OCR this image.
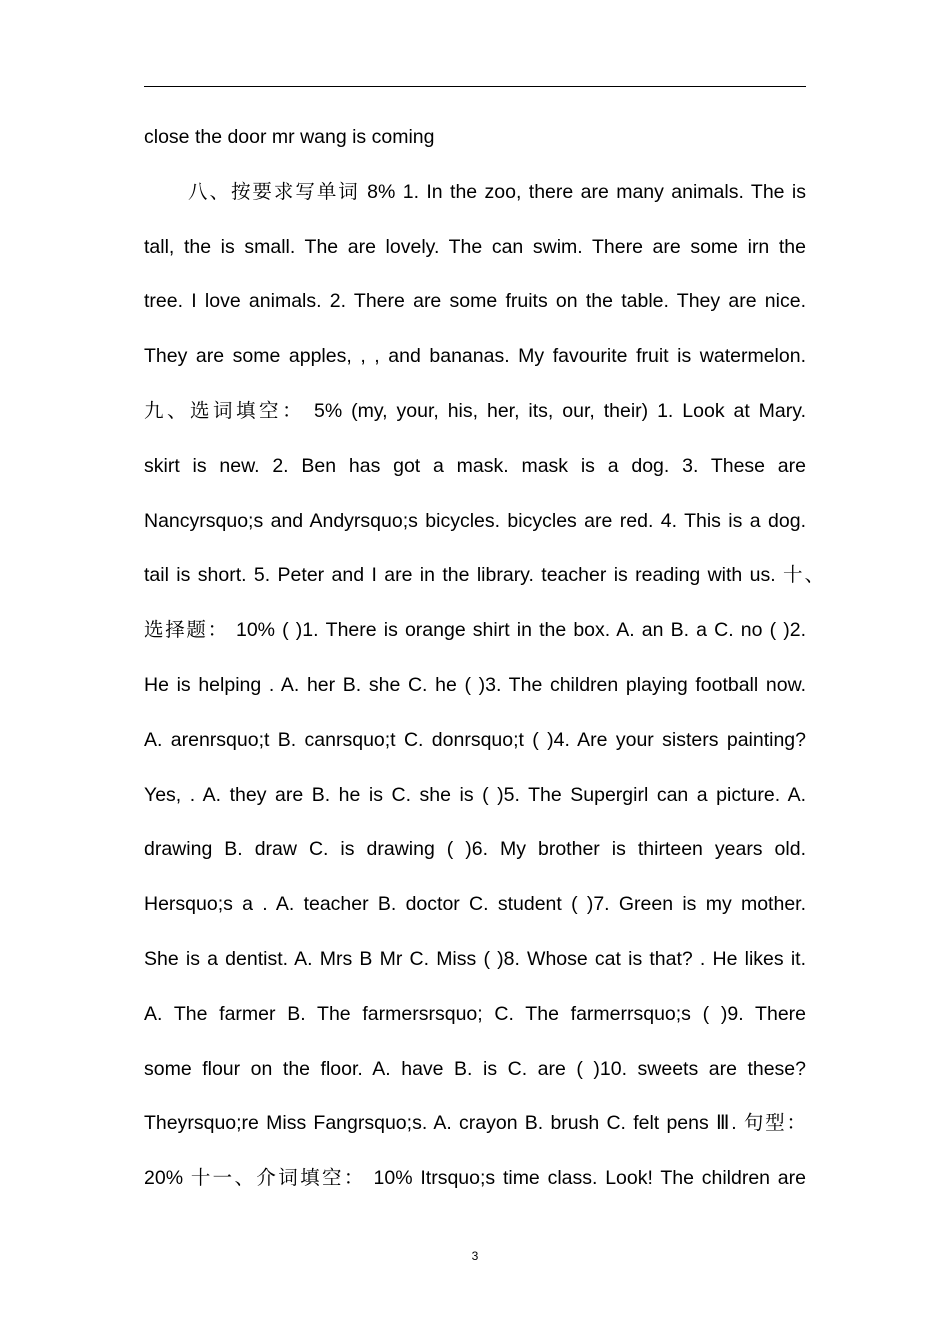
close the door mr wang is coming
八、按要求写单词 8% 1. In the zoo, there are many animals. The is
tall, the is small. The are lovely. The can swim. There are some irn the
tree. I love animals. 2. There are some fruits on the table. They are nice.
They are some apples, , , and bananas. My favourite fruit is watermelon.
九、选词填空： 5% (my, your, his, her, its, our, their) 1. Look at Mary.
skirt is new. 2. Ben has got a mask. mask is a dog. 3. These are
Nancyrsquo;s and Andyrsquo;s bicycles. bicycles are red. 4. This is a dog.
tail is short. 5. Peter and I are in the library. teacher is reading with us. 十、
选择题： 10% ( )1. There is orange shirt in the box. A. an B. a C. no ( )2.
He is helping . A. her B. she C. he ( )3. The children playing football now.
A. arenrsquo;t B. canrsquo;t C. donrsquo;t ( )4. Are your sisters painting?
Yes, . A. they are B. he is C. she is ( )5. The Supergirl can a picture. A.
drawing B. draw C. is drawing ( )6. My brother is thirteen years old.
Hersquo;s a . A. teacher B. doctor C. student ( )7. Green is my mother.
She is a dentist. A. Mrs B Mr C. Miss ( )8. Whose cat is that? . He likes it.
A. The farmer B. The farmersrsquo; C. The farmerrsquo;s ( )9. There
some flour on the floor. A. have B. is C. are ( )10. sweets are these?
Theyrsquo;re Miss Fangrsquo;s. A. crayon B. brush C. felt pens Ⅲ. 句型：
20% 十一、介词填空： 10% Itrsquo;s time class. Look! The children are
3
